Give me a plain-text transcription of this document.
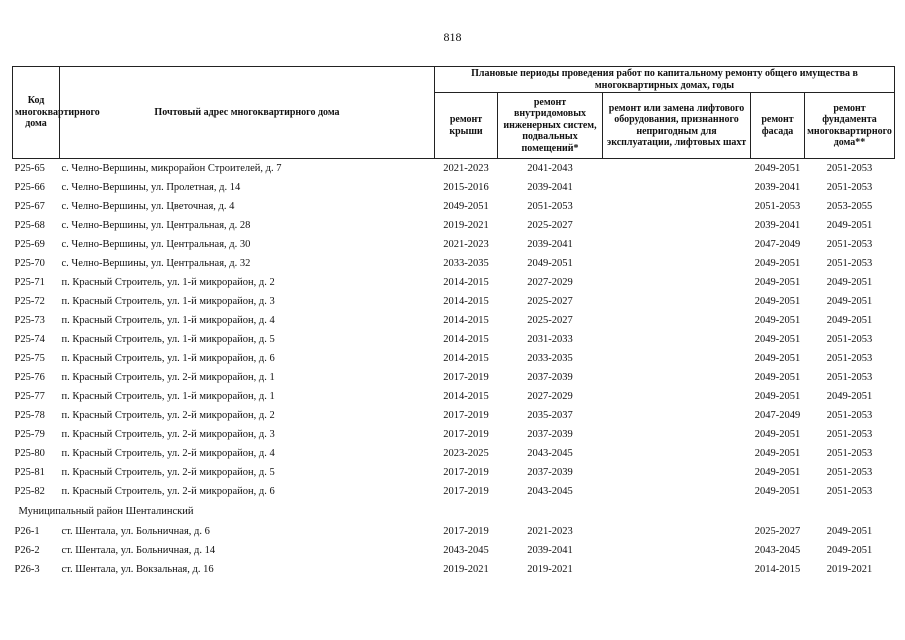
818
Код многоквартирного дома	Почтовый адрес многоквартирного дома	Плановые периоды проведения работ по капитальному ремонту общего имущества в многоквартирных домах, годы				
		ремонт крыши	ремонт внутридомовых инженерных систем, подвальных помещений*	ремонт или замена лифтового оборудования, признанного непригодным для эксплуатации, лифтовых шахт	ремонт фасада	ремонт фундамента многоквартирного дома**
P25-65	с. Челно-Вершины, микрорайон Строителей, д. 7	2021-2023	2041-2043		2049-2051	2051-2053
P25-66	с. Челно-Вершины, ул. Пролетная, д. 14	2015-2016	2039-2041		2039-2041	2051-2053
P25-67	с. Челно-Вершины, ул. Цветочная, д. 4	2049-2051	2051-2053		2051-2053	2053-2055
P25-68	с. Челно-Вершины, ул. Центральная, д. 28	2019-2021	2025-2027		2039-2041	2049-2051
P25-69	с. Челно-Вершины, ул. Центральная, д. 30	2021-2023	2039-2041		2047-2049	2051-2053
P25-70	с. Челно-Вершины, ул. Центральная, д. 32	2033-2035	2049-2051		2049-2051	2051-2053
P25-71	п. Красный Строитель, ул. 1-й микрорайон, д. 2	2014-2015	2027-2029		2049-2051	2049-2051
P25-72	п. Красный Строитель, ул. 1-й микрорайон, д. 3	2014-2015	2025-2027		2049-2051	2049-2051
P25-73	п. Красный Строитель, ул. 1-й микрорайон, д. 4	2014-2015	2025-2027		2049-2051	2049-2051
P25-74	п. Красный Строитель, ул. 1-й микрорайон, д. 5	2014-2015	2031-2033		2049-2051	2051-2053
P25-75	п. Красный Строитель, ул. 1-й микрорайон, д. 6	2014-2015	2033-2035		2049-2051	2051-2053
P25-76	п. Красный Строитель, ул. 2-й микрорайон, д. 1	2017-2019	2037-2039		2049-2051	2051-2053
P25-77	п. Красный Строитель, ул. 1-й микрорайон, д. 1	2014-2015	2027-2029		2049-2051	2049-2051
P25-78	п. Красный Строитель, ул. 2-й микрорайон, д. 2	2017-2019	2035-2037		2047-2049	2051-2053
P25-79	п. Красный Строитель, ул. 2-й микрорайон, д. 3	2017-2019	2037-2039		2049-2051	2051-2053
P25-80	п. Красный Строитель, ул. 2-й микрорайон, д. 4	2023-2025	2043-2045		2049-2051	2051-2053
P25-81	п. Красный Строитель, ул. 2-й микрорайон, д. 5	2017-2019	2037-2039		2049-2051	2051-2053
P25-82	п. Красный Строитель, ул. 2-й микрорайон, д. 6	2017-2019	2043-2045		2049-2051	2051-2053
Муниципальный район Шенталинский						
P26-1	ст. Шентала, ул. Больничная, д. 6	2017-2019	2021-2023		2025-2027	2049-2051
P26-2	ст. Шентала, ул. Больничная, д. 14	2043-2045	2039-2041		2043-2045	2049-2051
P26-3	ст. Шентала, ул. Вокзальная, д. 16	2019-2021	2019-2021		2014-2015	2019-2021
